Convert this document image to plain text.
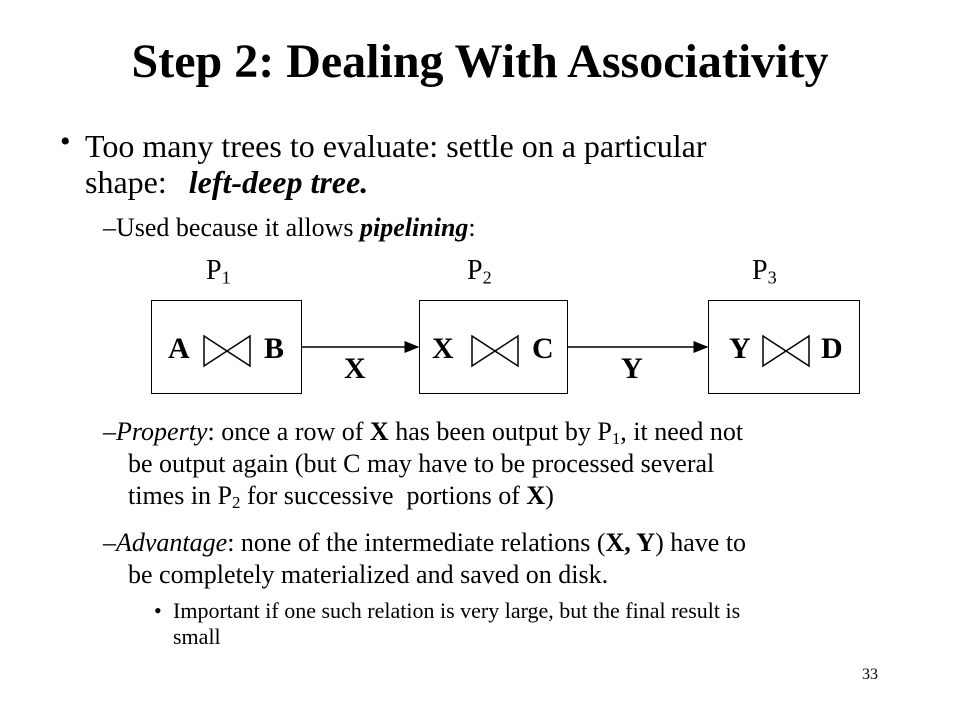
Step 2: Dealing With Associativity
• Too many trees to evaluate: settle on a particular
shape: left-deep tree.
–Used because it allows pipelining:
$P_1$	$P_2$	$P_3$
A B	X	C	Y D
X	Y
–Property: once a row of X has been output by $P_1$, it need not
be output again (but C may have to be processed several
times in $P_2$ for successive  portions of X)
–Advantage: none of the intermediate relations (X, Y) have to
be completely materialized and saved on disk.
• Important if one such relation is very large, but the final result is
small
33
